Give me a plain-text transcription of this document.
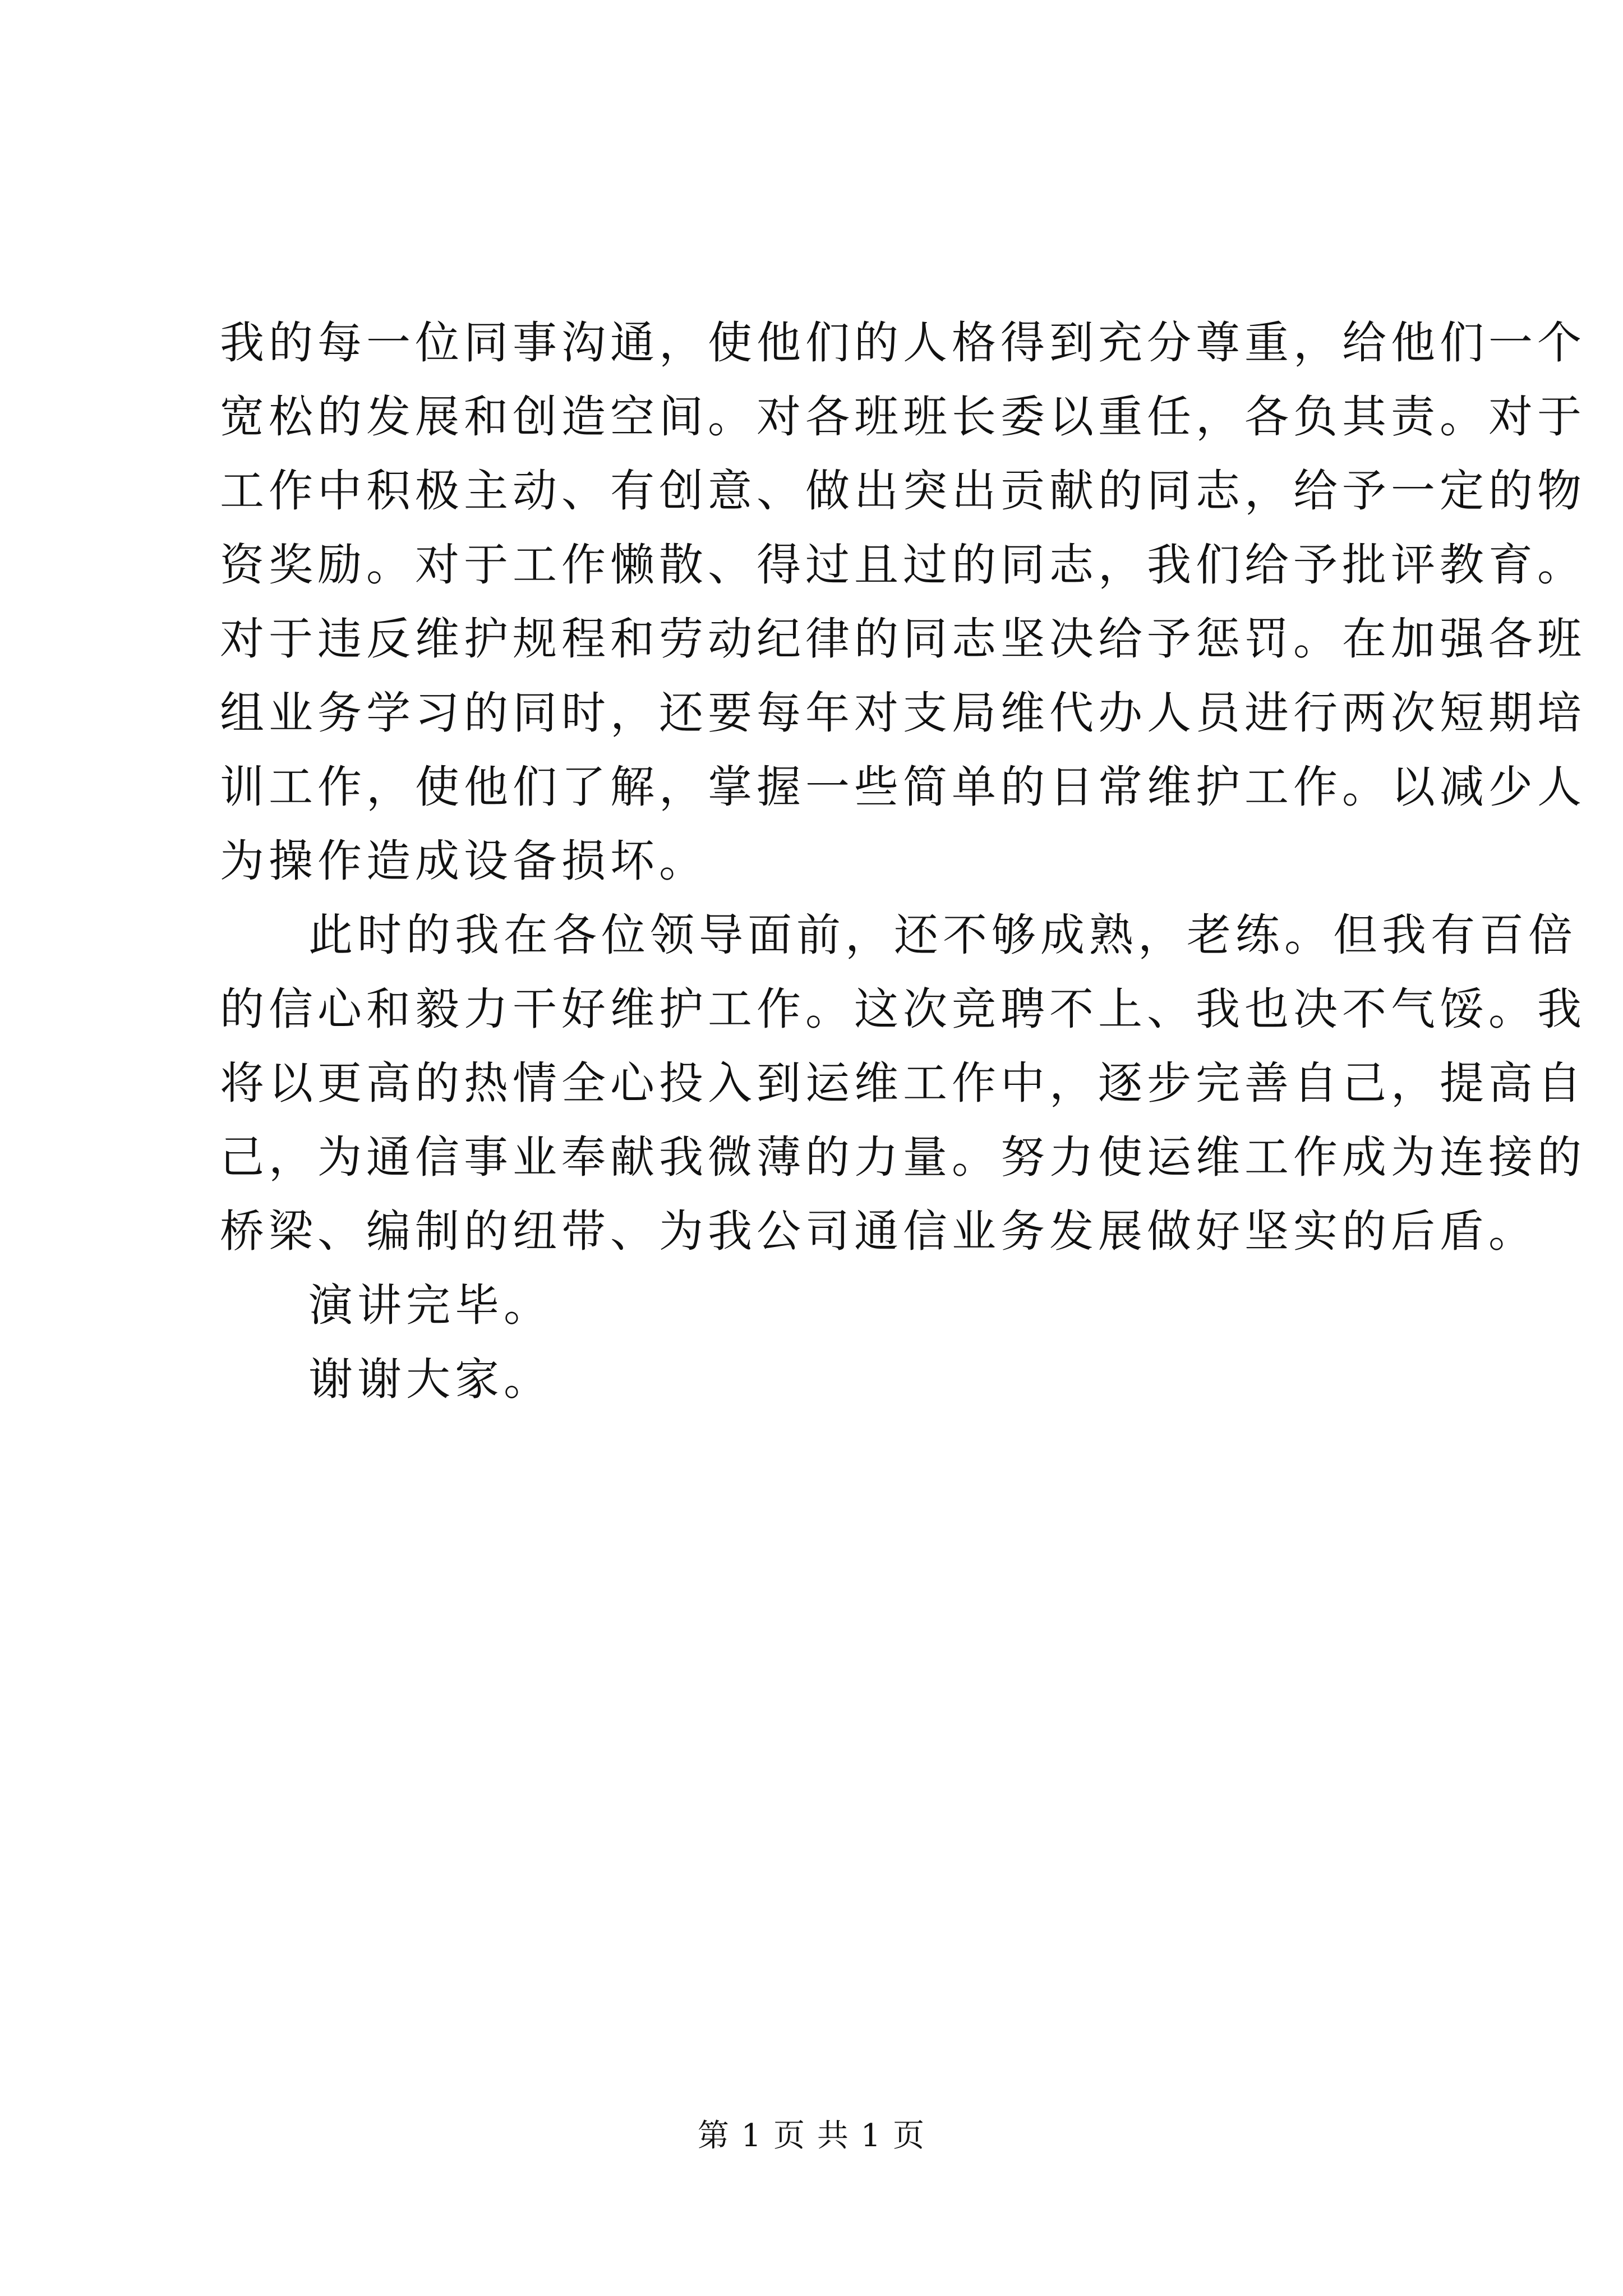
我的每一位同事沟通，使他们的人格得到充分尊重，给他们一个
宽松的发展和创造空间。对各班班长委以重任，各负其责。对于
工作中积极主动、有创意、做出突出贡献的同志，给予一定的物
资奖励。对于工作懒散、得过且过的同志，我们给予批评教育。
对于违反维护规程和劳动纪律的同志坚决给予惩罚。在加强各班
组业务学习的同时，还要每年对支局维代办人员进行两次短期培
训工作，使他们了解，掌握一些简单的日常维护工作。以减少人
为操作造成设备损坏。
此时的我在各位领导面前，还不够成熟，老练。但我有百倍
的信心和毅力干好维护工作。这次竞聘不上、我也决不气馁。我
将以更高的热情全心投入到运维工作中，逐步完善自己，提高自
己，为通信事业奉献我微薄的力量。努力使运维工作成为连接的
桥梁、编制的纽带、为我公司通信业务发展做好坚实的后盾。
演讲完毕。
谢谢大家。
第 1 页 共 1 页
